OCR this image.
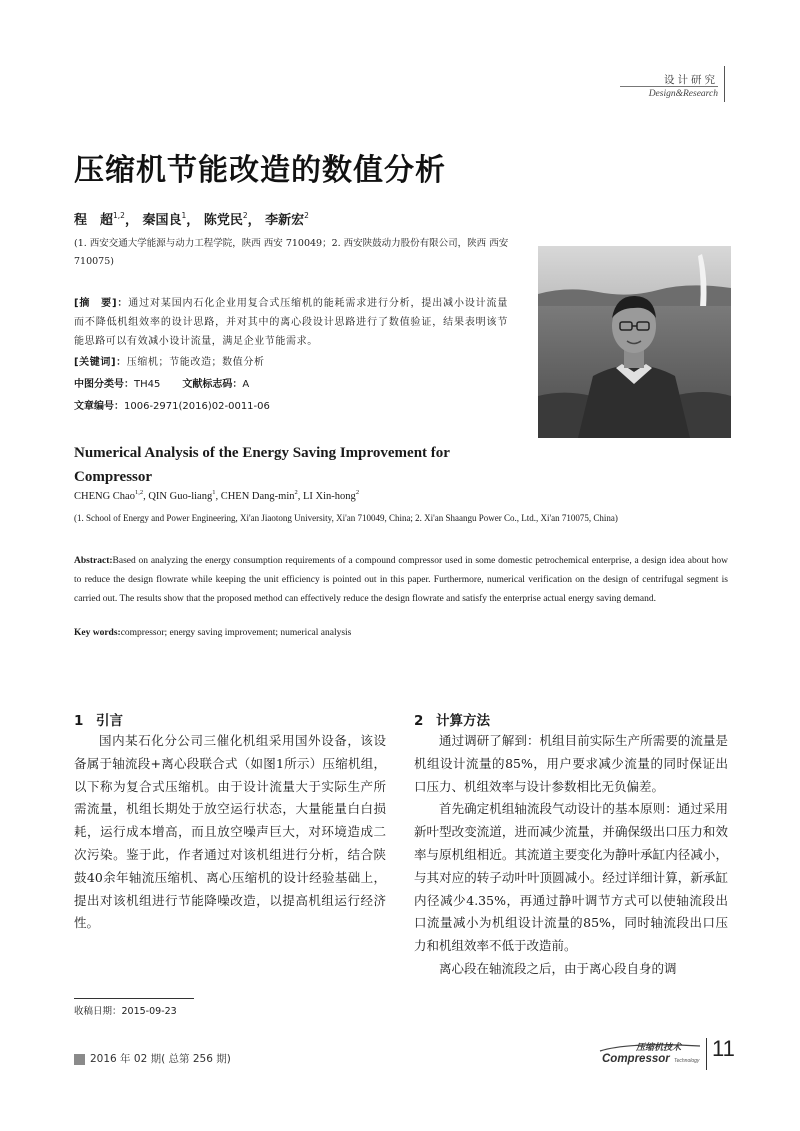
设计研究
Design&Research
压缩机节能改造的数值分析
程　超$^{1,2}$， 秦国良$^1$， 陈党民$^2$， 李新宏$^2$
(1. 西安交通大学能源与动力工程学院，陕西 西安 710049；2. 西安陕鼓动力股份有限公司，陕西 西安 710075)
[摘　要]：通过对某国内石化企业用复合式压缩机的能耗需求进行分析，提出减小设计流量而不降低机组效率的设计思路，并对其中的离心段设计思路进行了数值验证，结果表明该节能思路可以有效减小设计流量，满足企业节能需求。
[关键词]：压缩机；节能改造；数值分析
中图分类号：TH45 文献标志码：A
文章编号：1006-2971(2016)02-0011-06
Numerical Analysis of the Energy Saving Improvement for Compressor
CHENG Chao$^{1,2}$, QIN Guo-liang$^1$, CHEN Dang-$\min^2$, LI Xin-hong$^2$
(1. School of Energy and Power Engineering, Xi'an Jiaotong University, Xi'an 710049, China; 2. Xi'an Shaangu Power Co., Ltd., Xi'an 710075, China)
Abstract:Based on analyzing the energy consumption requirements of a compound compressor used in some domestic petrochemical enterprise, a design idea about how to reduce the design flowrate while keeping the unit efficiency is pointed out in this paper. Furthermore, numerical verification on the design of centrifugal segment is carried out. The results show that the proposed method can effectively reduce the design flowrate and satisfy the enterprise actual energy saving demand.
Key words:compressor; energy saving improvement; numerical analysis
1 引言	2 计算方法

国内某石化分公司三催化机组采用国外设备，该设备属于轴流段+离心段联合式（如图1所示）压缩机组，以下称为复合式压缩机。由于设计流量大于实际生产所需流量，机组长期处于放空运行状态，大量能量白白损耗，运行成本增高，而且放空噪声巨大，对环境造成二次污染。鉴于此，作者通过对该机组进行分析，结合陕鼓40余年轴流压缩机、离心压缩机的设计经验基础上，提出对该机组进行节能降噪改造，以提高机组运行经济性。

通过调研了解到：机组目前实际生产所需要的流量是机组设计流量的85%，用户要求减少流量的同时保证出口压力、机组效率与设计参数相比无负偏差。

首先确定机组轴流段气动设计的基本原则：通过采用新叶型改变流道，进而减少流量，并确保级出口压力和效率与原机组相近。其流道主要变化为静叶承缸内径减小，与其对应的转子动叶叶顶圆减小。经过详细计算，新承缸内径减少4.35%，再通过静叶调节方式可以使轴流段出口流量减小为机组设计流量的85%，同时轴流段出口压力和机组效率不低于改造前。

离心段在轴流段之后，由于离心段自身的调

收稿日期：2015-09-23
2016 年 02 期( 总第 256 期)
压缩机技术
Compressor Technology 11
